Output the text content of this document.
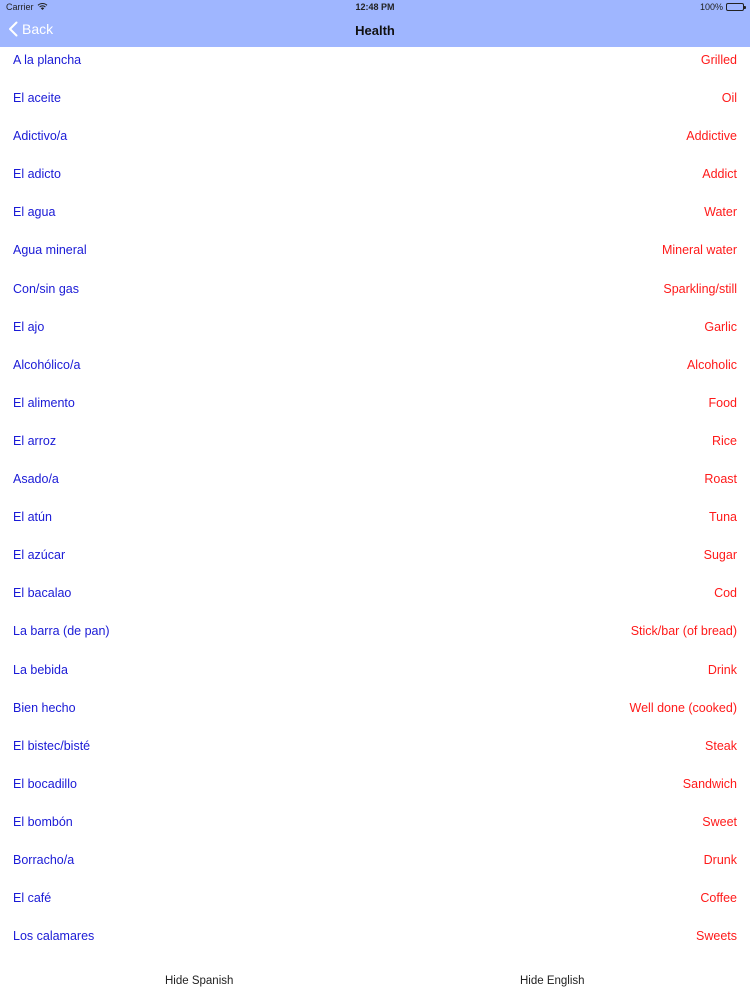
Carrier	12:48 PM	100%
Back	Health
A la plancha	Grilled
El aceite	Oil
Adictivo/a	Addictive
El adicto	Addict
El agua	Water
Agua mineral	Mineral water
Con/sin gas	Sparkling/still
El ajo	Garlic
Alcohólico/a	Alcoholic
El alimento	Food
El arroz	Rice
Asado/a	Roast
El atún	Tuna
El azúcar	Sugar
El bacalao	Cod
La barra (de pan)	Stick/bar (of bread)
La bebida	Drink
Bien hecho	Well done (cooked)
El bistec/bisté	Steak
El bocadillo	Sandwich
El bombón	Sweet
Borracho/a	Drunk
El café	Coffee
Los calamares	Sweets
Hide Spanish	Hide English
